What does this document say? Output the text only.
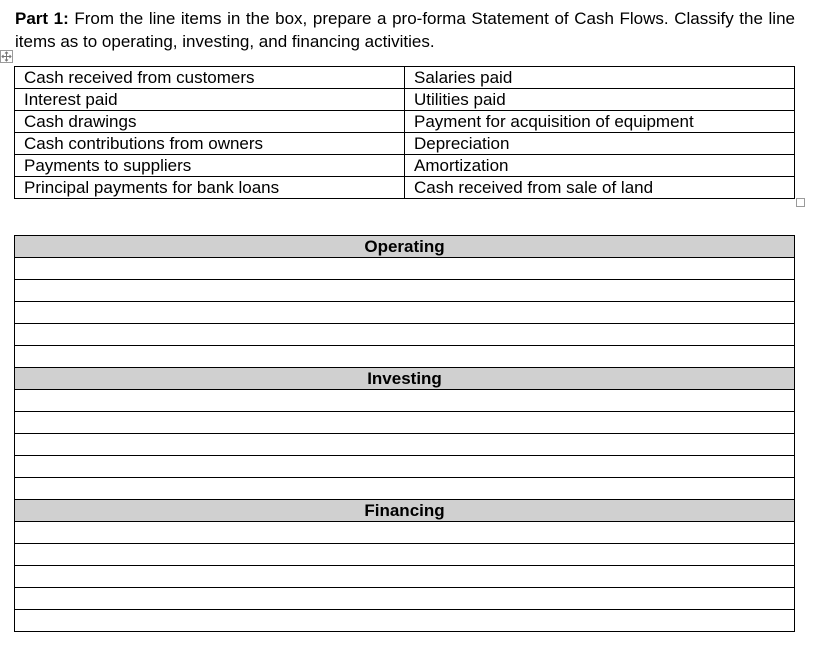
Part 1: From the line items in the box, prepare a pro-forma Statement of Cash Flows. Classify the line items as to operating, investing, and financing activities.
Cash received from customers	Salaries paid
Interest paid	Utilities paid
Cash drawings	Payment for acquisition of equipment
Cash contributions from owners	Depreciation
Payments to suppliers	Amortization
Principal payments for bank loans	Cash received from sale of land
Operating

Investing

Financing
